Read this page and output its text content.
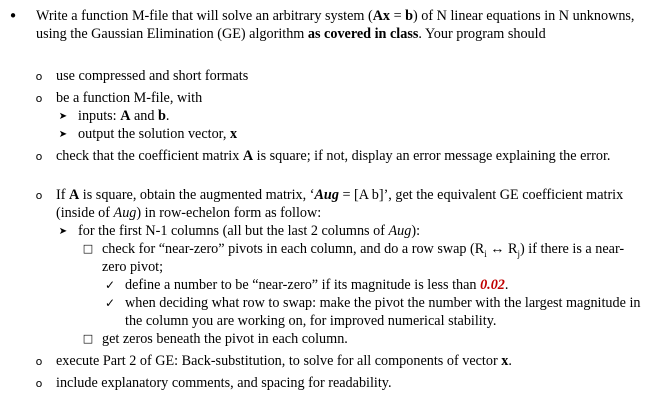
• Write a function M-file that will solve an arbitrary system (Ax = b) of N linear equations in N unknowns, using the Gaussian Elimination (GE) algorithm as covered in class. Your program should
o use compressed and short formats
o be a function M-file, with
➤ inputs: A and b.
➤ output the solution vector, x
o check that the coefficient matrix A is square; if not, display an error message explaining the error.
o If A is square, obtain the augmented matrix, ‘Aug = [A b]’, get the equivalent GE coefficient matrix (inside of Aug) in row-echelon form as follow:
➤ for the first N-1 columns (all but the last 2 columns of Aug):
□ check for “near-zero” pivots in each column, and do a row swap ($R_i$ ↔ $R_j$) if there is a near-zero pivot;
✓ define a number to be “near-zero” if its magnitude is less than 0.02.
✓ when deciding what row to swap: make the pivot the number with the largest magnitude in the column you are working on, for improved numerical stability.
□ get zeros beneath the pivot in each column.
o execute Part 2 of GE: Back-substitution, to solve for all components of vector x.
o include explanatory comments, and spacing for readability.
